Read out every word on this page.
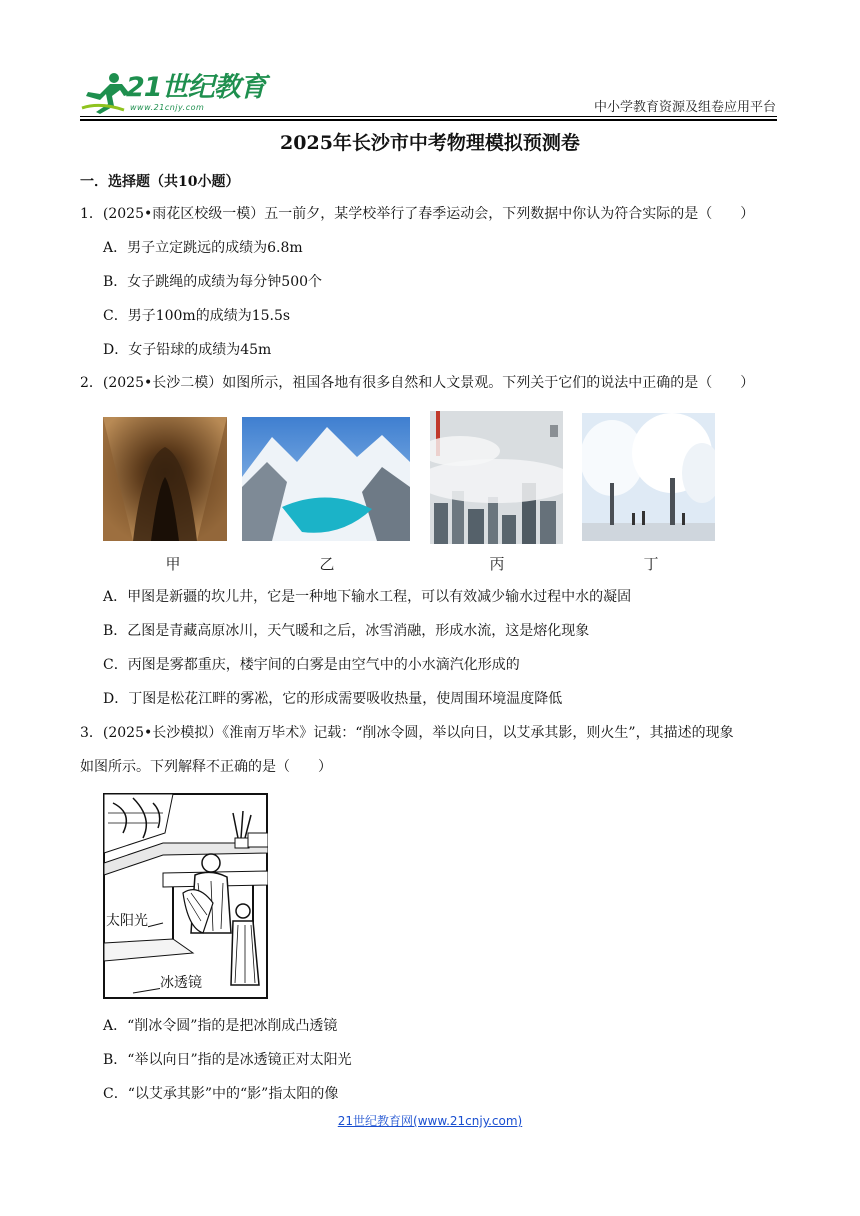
21世纪教育
www.21cnjy.com	中小学教育资源及组卷应用平台
2025年长沙市中考物理模拟预测卷
一．选择题（共10小题）
1．(2025•雨花区校级一模）五一前夕，某学校举行了春季运动会，下列数据中你认为符合实际的是（　　）
A．男子立定跳远的成绩为6.8m
B．女子跳绳的成绩为每分钟500个
C．男子100m的成绩为15.5s
D．女子铅球的成绩为45m
2．(2025•长沙二模）如图所示，祖国各地有很多自然和人文景观。下列关于它们的说法中正确的是（　　）
甲	乙	丙	丁
A．甲图是新疆的坎儿井，它是一种地下输水工程，可以有效减少输水过程中水的凝固
B．乙图是青藏高原冰川，天气暖和之后，冰雪消融，形成水流，这是熔化现象
C．丙图是雾都重庆，楼宇间的白雾是由空气中的小水滴汽化形成的
D．丁图是松花江畔的雾凇，它的形成需要吸收热量，使周围环境温度降低
3．(2025•长沙模拟）《淮南万毕术》记载：“削冰令圆，举以向日，以艾承其影，则火生”，其描述的现象
如图所示。下列解释不正确的是（　　）
太阳光
冰透镜
A．“削冰令圆”指的是把冰削成凸透镜
B．“举以向日”指的是冰透镜正对太阳光
C．“以艾承其影”中的“影”指太阳的像
21世纪教育网(www.21cnjy.com)
